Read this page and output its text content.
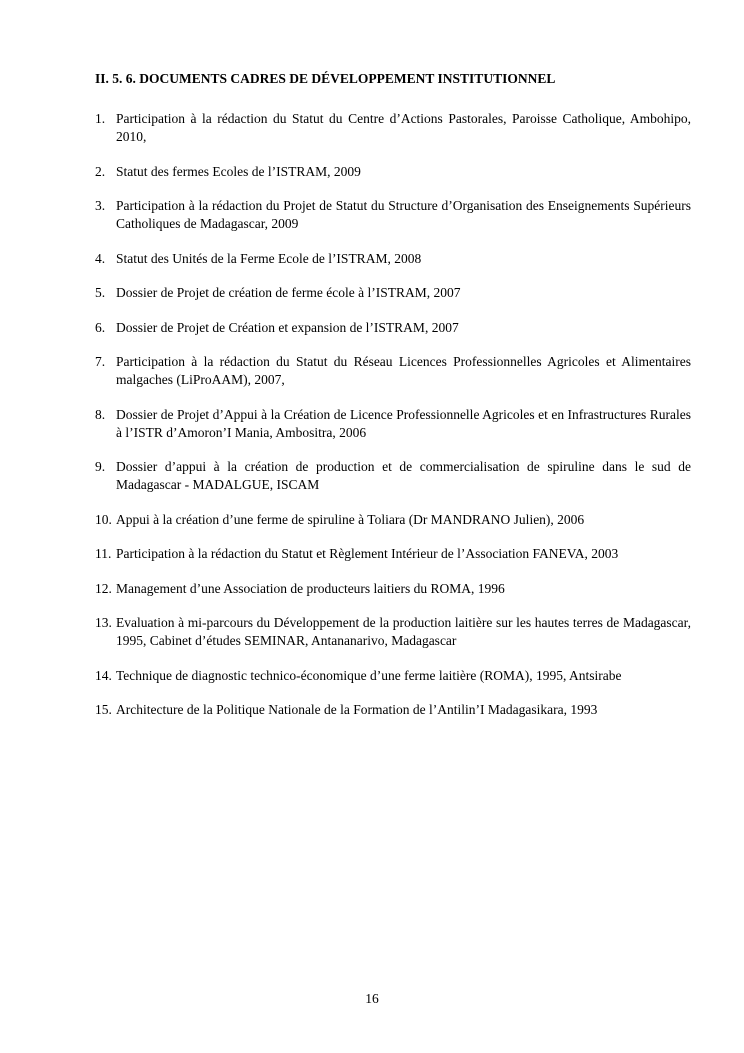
II. 5. 6. DOCUMENTS CADRES DE DÉVELOPPEMENT INSTITUTIONNEL
1. Participation à la rédaction du Statut du Centre d’Actions Pastorales, Paroisse Catholique, Ambohipo, 2010,
2. Statut des fermes Ecoles de l’ISTRAM, 2009
3. Participation à la rédaction du Projet de Statut du Structure d’Organisation des Enseignements Supérieurs Catholiques de Madagascar, 2009
4. Statut des Unités de la Ferme Ecole de l’ISTRAM, 2008
5. Dossier de Projet de création de ferme école à l’ISTRAM, 2007
6. Dossier de Projet de Création et expansion de l’ISTRAM, 2007
7. Participation à la rédaction du Statut du Réseau Licences Professionnelles Agricoles et Alimentaires malgaches (LiProAAM), 2007,
8. Dossier de Projet d’Appui à la Création de Licence Professionnelle Agricoles et en Infrastructures Rurales à l’ISTR d’Amoron’I Mania, Ambositra, 2006
9. Dossier d’appui à la création de production et de commercialisation de spiruline dans le sud de Madagascar - MADALGUE, ISCAM
10. Appui à la création d’une ferme de spiruline à Toliara (Dr MANDRANO Julien), 2006
11. Participation à la rédaction du Statut et Règlement Intérieur de l’Association FANEVA, 2003
12. Management d’une Association de producteurs laitiers du ROMA, 1996
13. Evaluation à mi-parcours du Développement de la production laitière sur les hautes terres de Madagascar, 1995, Cabinet d’études SEMINAR, Antananarivo, Madagascar
14. Technique de diagnostic technico-économique d’une ferme laitière (ROMA), 1995, Antsirabe
15. Architecture de la Politique Nationale de la Formation de l’Antilin’I Madagasikara, 1993
16
